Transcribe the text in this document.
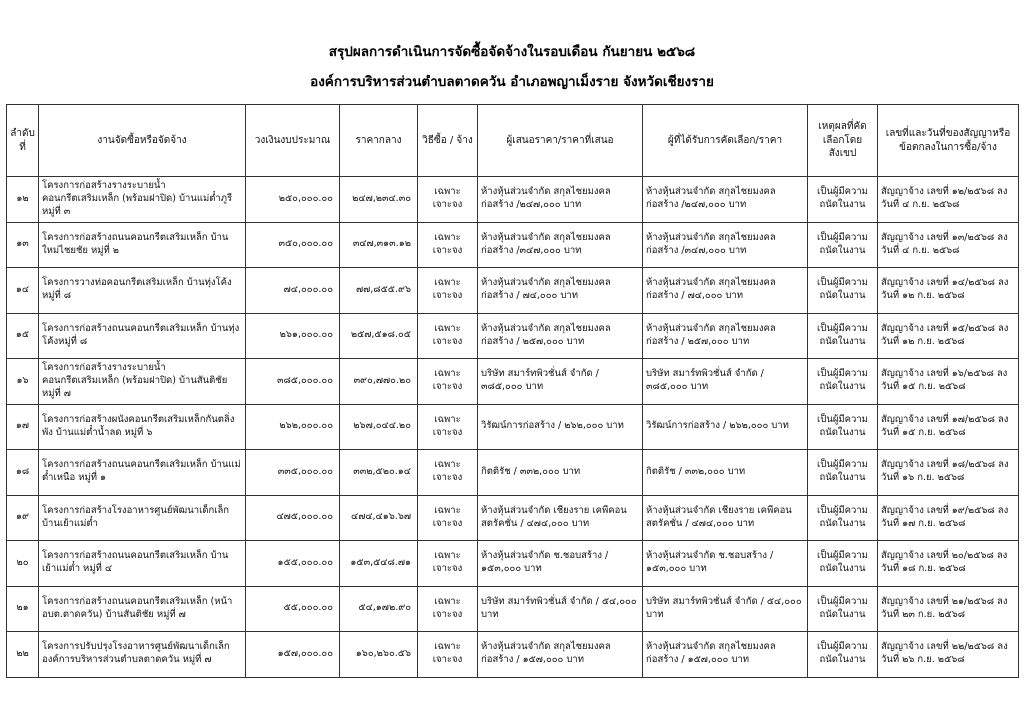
สรุปผลการดำเนินการจัดซื้อจัดจ้างในรอบเดือน กันยายน ๒๕๖๘
องค์การบริหารส่วนตำบลตาดควัน อำเภอพญาเม็งราย จังหวัดเชียงราย
ลำดับที่	งานจัดซื้อหรือจัดจ้าง	วงเงินงบประมาณ	ราคากลาง	วิธีซื้อ / จ้าง	ผู้เสนอราคา/ราคาที่เสนอ	ผู้ที่ได้รับการคัดเลือก/ราคา	เหตุผลที่คัดเลือกโดยสังเขป	เลขที่และวันที่ของสัญญาหรือข้อตกลงในการซื้อ/จ้าง
๑๒	โครงการก่อสร้างรางระบายน้ำคอนกรีตเสริมเหล็ก (พร้อมฝาปิด) บ้านแม่ต๋ำภูรี หมู่ที่ ๓	๒๕๐,๐๐๐.๐๐	๒๔๗,๒๓๔.๓๐	เฉพาะเจาะจง	ห้างหุ้นส่วนจำกัด สกุลไชยมงคลก่อสร้าง /๒๔๗,๐๐๐ บาท	ห้างหุ้นส่วนจำกัด สกุลไชยมงคลก่อสร้าง /๒๔๗,๐๐๐ บาท	เป็นผู้มีความถนัดในงาน	สัญญาจ้าง เลขที่ ๑๒/๒๕๖๘ ลงวันที่ ๔ ก.ย. ๒๕๖๘
๑๓	โครงการก่อสร้างถนนคอนกรีตเสริมเหล็ก บ้านใหม่ไชยชัย หมู่ที่ ๒	๓๕๐,๐๐๐.๐๐	๓๔๗,๓๑๓.๑๒	เฉพาะเจาะจง	ห้างหุ้นส่วนจำกัด สกุลไชยมงคลก่อสร้าง /๓๔๗,๐๐๐ บาท	ห้างหุ้นส่วนจำกัด สกุลไชยมงคลก่อสร้าง /๓๔๗,๐๐๐ บาท	เป็นผู้มีความถนัดในงาน	สัญญาจ้าง เลขที่ ๑๓/๒๕๖๘ ลงวันที่ ๔ ก.ย. ๒๕๖๘
๑๔	โครงการวางท่อคอนกรีตเสริมเหล็ก บ้านทุ่งโค้ง หมู่ที่ ๘	๗๔,๐๐๐.๐๐	๗๗,๘๕๕.๙๖	เฉพาะเจาะจง	ห้างหุ้นส่วนจำกัด สกุลไชยมงคลก่อสร้าง / ๗๔,๐๐๐ บาท	ห้างหุ้นส่วนจำกัด สกุลไชยมงคลก่อสร้าง / ๗๔,๐๐๐ บาท	เป็นผู้มีความถนัดในงาน	สัญญาจ้าง เลขที่ ๑๔/๒๕๖๘ ลงวันที่ ๑๒ ก.ย. ๒๕๖๘
๑๕	โครงการก่อสร้างถนนคอนกรีตเสริมเหล็ก บ้านทุ่งโค้งหมู่ที่ ๘	๒๖๑,๐๐๐.๐๐	๒๕๗,๕๑๘.๐๕	เฉพาะเจาะจง	ห้างหุ้นส่วนจำกัด สกุลไชยมงคลก่อสร้าง / ๒๕๗,๐๐๐ บาท	ห้างหุ้นส่วนจำกัด สกุลไชยมงคลก่อสร้าง / ๒๕๗,๐๐๐ บาท	เป็นผู้มีความถนัดในงาน	สัญญาจ้าง เลขที่ ๑๕/๒๕๖๘ ลงวันที่ ๑๒ ก.ย. ๒๕๖๘
๑๖	โครงการก่อสร้างรางระบายน้ำคอนกรีตเสริมเหล็ก (พร้อมฝาปิด) บ้านสันติชัย หมู่ที่ ๗	๓๘๕,๐๐๐.๐๐	๓๙๐,๗๗๐.๒๐	เฉพาะเจาะจง	บริษัท สมาร์ทพิวชั่นส์ จำกัด / ๓๘๕,๐๐๐ บาท	บริษัท สมาร์ทพิวชั่นส์ จำกัด / ๓๘๕,๐๐๐ บาท	เป็นผู้มีความถนัดในงาน	สัญญาจ้าง เลขที่ ๑๖/๒๕๖๘ ลงวันที่ ๑๕ ก.ย. ๒๕๖๘
๑๗	โครงการก่อสร้างผนังคอนกรีตเสริมเหล็กกันตลิ่งพัง บ้านแม่ต๋ำน้ำลด หมู่ที่ ๖	๒๖๒,๐๐๐.๐๐	๒๖๗,๐๔๔.๒๐	เฉพาะเจาะจง	วิรัฒน์การก่อสร้าง / ๒๖๒,๐๐๐ บาท	วิรัฒน์การก่อสร้าง / ๒๖๒,๐๐๐ บาท	เป็นผู้มีความถนัดในงาน	สัญญาจ้าง เลขที่ ๑๗/๒๕๖๘ ลงวันที่ ๑๕ ก.ย. ๒๕๖๘
๑๘	โครงการก่อสร้างถนนคอนกรีตเสริมเหล็ก บ้านแม่ต๋ำเหนือ หมู่ที่ ๑	๓๓๕,๐๐๐.๐๐	๓๓๒,๕๒๐.๑๔	เฉพาะเจาะจง	กิตติรัช / ๓๓๒,๐๐๐ บาท	กิตติรัช / ๓๓๒,๐๐๐ บาท	เป็นผู้มีความถนัดในงาน	สัญญาจ้าง เลขที่ ๑๘/๒๕๖๘ ลงวันที่ ๑๖ ก.ย. ๒๕๖๘
๑๙	โครงการก่อสร้างโรงอาหารศูนย์พัฒนาเด็กเล็กบ้านเย้าแม่ต๋ำ	๔๗๕,๐๐๐.๐๐	๔๗๔,๔๑๖.๖๗	เฉพาะเจาะจง	ห้างหุ้นส่วนจำกัด เชียงราย เคพีคอนสตรัคชั่น / ๔๗๔,๐๐๐ บาท	ห้างหุ้นส่วนจำกัด เชียงราย เคพีคอนสตรัคชั่น / ๔๗๔,๐๐๐ บาท	เป็นผู้มีความถนัดในงาน	สัญญาจ้าง เลขที่ ๑๙/๒๕๖๘ ลงวันที่ ๑๗ ก.ย. ๒๕๖๘
๒๐	โครงการก่อสร้างถนนคอนกรีตเสริมเหล็ก บ้านเย้าแม่ต๋ำ หมู่ที่ ๔	๑๕๕,๐๐๐.๐๐	๑๕๓,๕๔๘.๗๑	เฉพาะเจาะจง	ห้างหุ้นส่วนจำกัด ช.ชอบสร้าง / ๑๕๓,๐๐๐ บาท	ห้างหุ้นส่วนจำกัด ช.ชอบสร้าง / ๑๕๓,๐๐๐ บาท	เป็นผู้มีความถนัดในงาน	สัญญาจ้าง เลขที่ ๒๐/๒๕๖๘ ลงวันที่ ๑๘ ก.ย. ๒๕๖๘
๒๑	โครงการก่อสร้างถนนคอนกรีตเสริมเหล็ก (หน้า อบต.ตาดควัน) บ้านสันติชัย หมู่ที่ ๗	๕๕,๐๐๐.๐๐	๕๔,๑๗๒.๙๐	เฉพาะเจาะจง	บริษัท สมาร์ทพิวชั่นส์ จำกัด / ๕๔,๐๐๐ บาท	บริษัท สมาร์ทพิวชั่นส์ จำกัด / ๕๔,๐๐๐ บาท	เป็นผู้มีความถนัดในงาน	สัญญาจ้าง เลขที่ ๒๑/๒๕๖๘ ลงวันที่ ๒๓ ก.ย. ๒๕๖๘
๒๒	โครงการปรับปรุงโรงอาหารศูนย์พัฒนาเด็กเล็ก องค์การบริหารส่วนตำบลตาดควัน หมู่ที่ ๗	๑๕๗,๐๐๐.๐๐	๑๖๐,๒๖๐.๕๖	เฉพาะเจาะจง	ห้างหุ้นส่วนจำกัด สกุลไชยมงคลก่อสร้าง / ๑๕๗,๐๐๐ บาท	ห้างหุ้นส่วนจำกัด สกุลไชยมงคลก่อสร้าง / ๑๕๗,๐๐๐ บาท	เป็นผู้มีความถนัดในงาน	สัญญาจ้าง เลขที่ ๒๒/๒๕๖๘ ลงวันที่ ๒๖ ก.ย. ๒๕๖๘
